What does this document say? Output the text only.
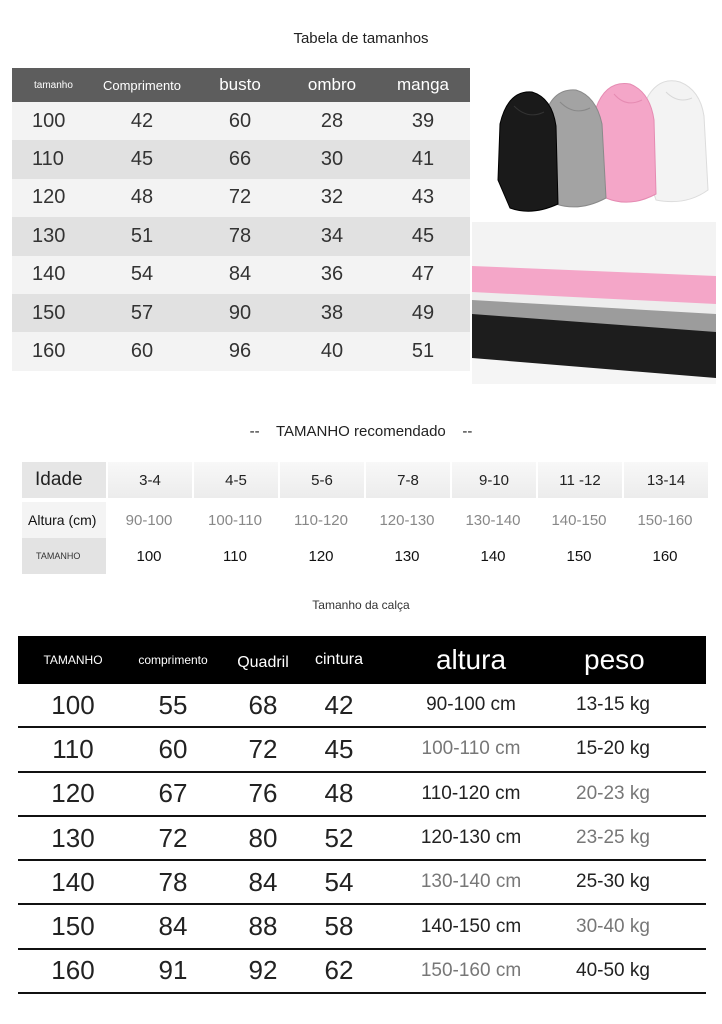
Tabela de tamanhos
tamanho	Comprimento	busto	ombro	manga
100	42	60	28	39
110	45	66	30	41
120	48	72	32	43
130	51	78	34	45
140	54	84	36	47
150	57	90	38	49
160	60	96	40	51
--    TAMANHO recomendado    --
Idade	3-4	4-5	5-6	7-8	9-10	11 -12	13-14
Altura (cm)	90-100	100-110	110-120	120-130	130-140	140-150	150-160
TAMANHO	100	110	120	130	140	150	160
Tamanho da calça
TAMANHO	comprimento	Quadril	cintura	altura	peso
100	55	68	42	90-100 cm	13-15 kg
110	60	72	45	100-110 cm	15-20 kg
120	67	76	48	110-120 cm	20-23 kg
130	72	80	52	120-130 cm	23-25 kg
140	78	84	54	130-140 cm	25-30 kg
150	84	88	58	140-150 cm	30-40 kg
160	91	92	62	150-160 cm	40-50 kg
